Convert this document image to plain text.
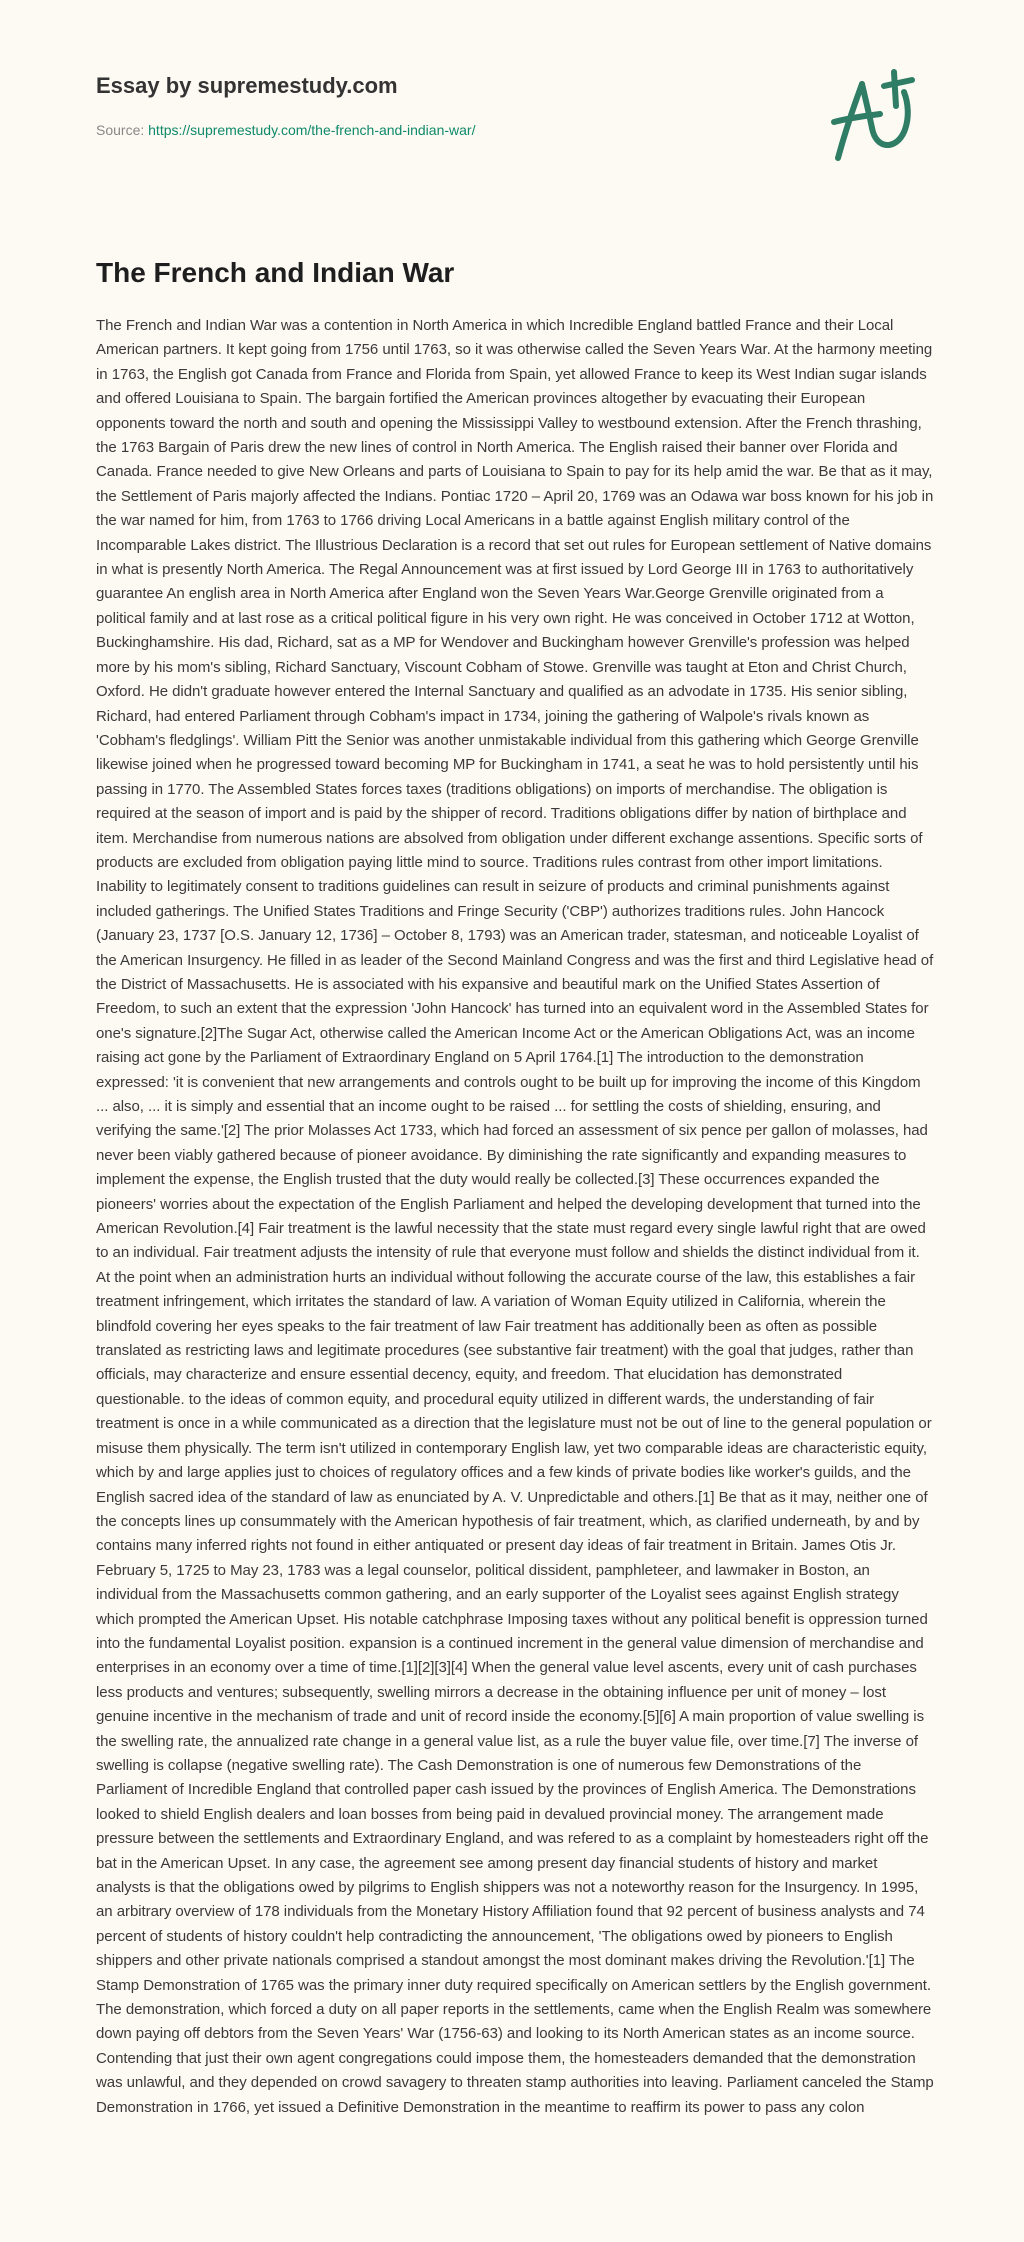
Essay by supremestudy.com
Source: https://supremestudy.com/the-french-and-indian-war/
The French and Indian War

The French and Indian War was a contention in North America in which Incredible England battled France and their Local American partners. It kept going from 1756 until 1763, so it was otherwise called the Seven Years War. At the harmony meeting in 1763, the English got Canada from France and Florida from Spain, yet allowed France to keep its West Indian sugar islands and offered Louisiana to Spain. The bargain fortified the American provinces altogether by evacuating their European opponents toward the north and south and opening the Mississippi Valley to westbound extension. After the French thrashing, the 1763 Bargain of Paris drew the new lines of control in North America. The English raised their banner over Florida and Canada. France needed to give New Orleans and parts of Louisiana to Spain to pay for its help amid the war. Be that as it may, the Settlement of Paris majorly affected the Indians. Pontiac 1720 – April 20, 1769 was an Odawa war boss known for his job in the war named for him, from 1763 to 1766 driving Local Americans in a battle against English military control of the Incomparable Lakes district. The Illustrious Declaration is a record that set out rules for European settlement of Native domains in what is presently North America. The Regal Announcement was at first issued by Lord George III in 1763 to authoritatively guarantee An english area in North America after England won the Seven Years War.George Grenville originated from a political family and at last rose as a critical political figure in his very own right. He was conceived in October 1712 at Wotton, Buckinghamshire. His dad, Richard, sat as a MP for Wendover and Buckingham however Grenville's profession was helped more by his mom's sibling, Richard Sanctuary, Viscount Cobham of Stowe. Grenville was taught at Eton and Christ Church, Oxford. He didn't graduate however entered the Internal Sanctuary and qualified as an advodate in 1735. His senior sibling, Richard, had entered Parliament through Cobham's impact in 1734, joining the gathering of Walpole's rivals known as 'Cobham's fledglings'. William Pitt the Senior was another unmistakable individual from this gathering which George Grenville likewise joined when he progressed toward becoming MP for Buckingham in 1741, a seat he was to hold persistently until his passing in 1770. The Assembled States forces taxes (traditions obligations) on imports of merchandise. The obligation is required at the season of import and is paid by the shipper of record. Traditions obligations differ by nation of birthplace and item. Merchandise from numerous nations are absolved from obligation under different exchange assentions. Specific sorts of products are excluded from obligation paying little mind to source. Traditions rules contrast from other import limitations. Inability to legitimately consent to traditions guidelines can result in seizure of products and criminal punishments against included gatherings. The Unified States Traditions and Fringe Security ('CBP') authorizes traditions rules. John Hancock (January 23, 1737 [O.S. January 12, 1736] – October 8, 1793) was an American trader, statesman, and noticeable Loyalist of the American Insurgency. He filled in as leader of the Second Mainland Congress and was the first and third Legislative head of the District of Massachusetts. He is associated with his expansive and beautiful mark on the Unified States Assertion of Freedom, to such an extent that the expression 'John Hancock' has turned into an equivalent word in the Assembled States for one's signature.[2]The Sugar Act, otherwise called the American Income Act or the American Obligations Act, was an income raising act gone by the Parliament of Extraordinary England on 5 April 1764.[1] The introduction to the demonstration expressed: 'it is convenient that new arrangements and controls ought to be built up for improving the income of this Kingdom ... also, ... it is simply and essential that an income ought to be raised ... for settling the costs of shielding, ensuring, and verifying the same.'[2] The prior Molasses Act 1733, which had forced an assessment of six pence per gallon of molasses, had never been viably gathered because of pioneer avoidance. By diminishing the rate significantly and expanding measures to implement the expense, the English trusted that the duty would really be collected.[3] These occurrences expanded the pioneers' worries about the expectation of the English Parliament and helped the developing development that turned into the American Revolution.[4] Fair treatment is the lawful necessity that the state must regard every single lawful right that are owed to an individual. Fair treatment adjusts the intensity of rule that everyone must follow and shields the distinct individual from it. At the point when an administration hurts an individual without following the accurate course of the law, this establishes a fair treatment infringement, which irritates the standard of law. A variation of Woman Equity utilized in California, wherein the blindfold covering her eyes speaks to the fair treatment of law Fair treatment has additionally been as often as possible translated as restricting laws and legitimate procedures (see substantive fair treatment) with the goal that judges, rather than officials, may characterize and ensure essential decency, equity, and freedom. That elucidation has demonstrated questionable. to the ideas of common equity, and procedural equity utilized in different wards, the understanding of fair treatment is once in a while communicated as a direction that the legislature must not be out of line to the general population or misuse them physically. The term isn't utilized in contemporary English law, yet two comparable ideas are characteristic equity, which by and large applies just to choices of regulatory offices and a few kinds of private bodies like worker's guilds, and the English sacred idea of the standard of law as enunciated by A. V. Unpredictable and others.[1] Be that as it may, neither one of the concepts lines up consummately with the American hypothesis of fair treatment, which, as clarified underneath, by and by contains many inferred rights not found in either antiquated or present day ideas of fair treatment in Britain. James Otis Jr. February 5, 1725 to May 23, 1783 was a legal counselor, political dissident, pamphleteer, and lawmaker in Boston, an individual from the Massachusetts common gathering, and an early supporter of the Loyalist sees against English strategy which prompted the American Upset. His notable catchphrase Imposing taxes without any political benefit is oppression turned into the fundamental Loyalist position. expansion is a continued increment in the general value dimension of merchandise and enterprises in an economy over a time of time.[1][2][3][4] When the general value level ascents, every unit of cash purchases less products and ventures; subsequently, swelling mirrors a decrease in the obtaining influence per unit of money – lost genuine incentive in the mechanism of trade and unit of record inside the economy.[5][6] A main proportion of value swelling is the swelling rate, the annualized rate change in a general value list, as a rule the buyer value file, over time.[7] The inverse of swelling is collapse (negative swelling rate). The Cash Demonstration is one of numerous few Demonstrations of the Parliament of Incredible England that controlled paper cash issued by the provinces of English America. The Demonstrations looked to shield English dealers and loan bosses from being paid in devalued provincial money. The arrangement made pressure between the settlements and Extraordinary England, and was refered to as a complaint by homesteaders right off the bat in the American Upset. In any case, the agreement see among present day financial students of history and market analysts is that the obligations owed by pilgrims to English shippers was not a noteworthy reason for the Insurgency. In 1995, an arbitrary overview of 178 individuals from the Monetary History Affiliation found that 92 percent of business analysts and 74 percent of students of history couldn't help contradicting the announcement, 'The obligations owed by pioneers to English shippers and other private nationals comprised a standout amongst the most dominant makes driving the Revolution.'[1] The Stamp Demonstration of 1765 was the primary inner duty required specifically on American settlers by the English government. The demonstration, which forced a duty on all paper reports in the settlements, came when the English Realm was somewhere down paying off debtors from the Seven Years' War (1756-63) and looking to its North American states as an income source. Contending that just their own agent congregations could impose them, the homesteaders demanded that the demonstration was unlawful, and they depended on crowd savagery to threaten stamp authorities into leaving. Parliament canceled the Stamp Demonstration in 1766, yet issued a Definitive Demonstration in the meantime to reaffirm its power to pass any colon
